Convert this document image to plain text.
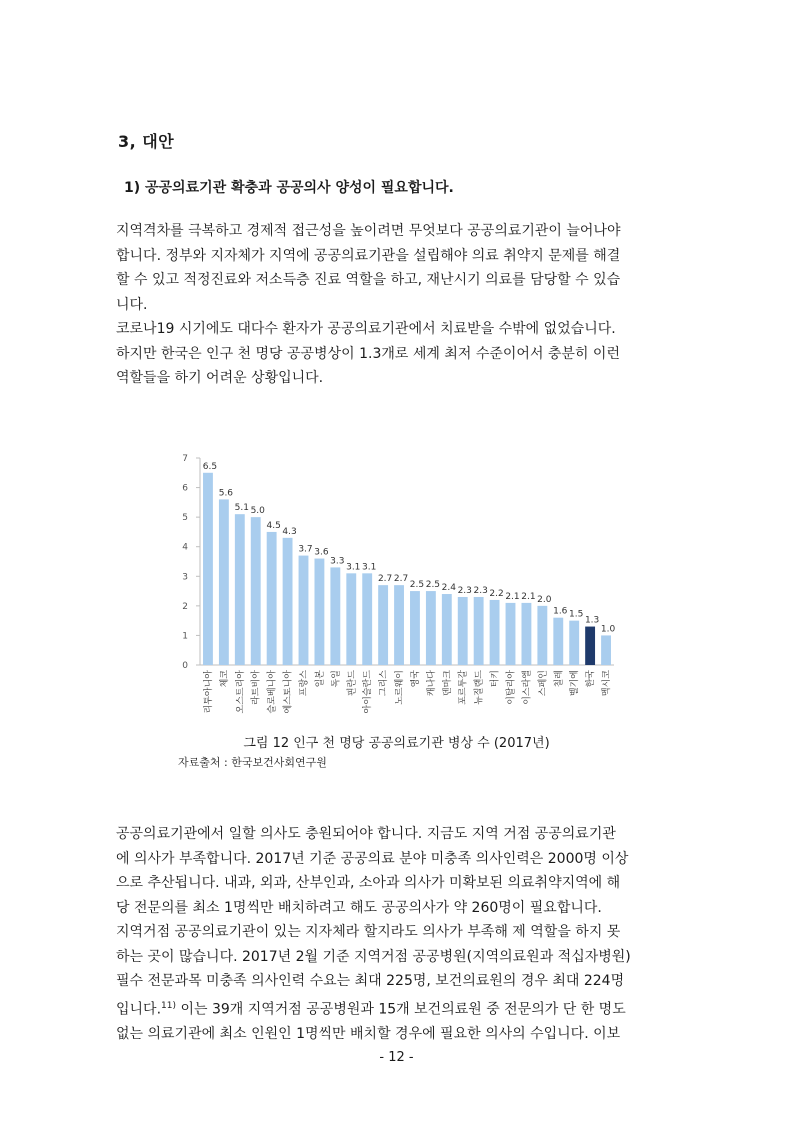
3, 대안
1) 공공의료기관 확충과 공공의사 양성이 필요합니다.

지역격차를 극복하고 경제적 접근성을 높이려면 무엇보다 공공의료기관이 늘어나야
합니다. 정부와 지자체가 지역에 공공의료기관을 설립해야 의료 취약지 문제를 해결
할 수 있고 적정진료와 저소득층 진료 역할을 하고, 재난시기 의료를 담당할 수 있습
니다.

코로나19 시기에도 대다수 환자가 공공의료기관에서 치료받을 수밖에 없었습니다.
하지만 한국은 인구 천 명당 공공병상이 1.3개로 세계 최저 수준이어서 충분히 이런
역할들을 하기 어려운 상황입니다.

0
1
2
3
4
5
6
7
6.5
리투아니아
5.6
체코
5.1
오스트리아
5.0
라트비아
4.5
슬로베니아
4.3
에스토니아
3.7
프랑스
3.6
일본
3.3
독일
3.1
핀란드
3.1
아이슬란드
2.7
그리스
2.7
노르웨이
2.5
영국
2.5
캐나다
2.4
덴마크
2.3
포르투갈
2.3
뉴질랜드
2.2
터키
2.1
이탈리아
2.1
이스라엘
2.0
스페인
1.6
칠레
1.5
벨기에
1.3
한국
1.0
멕시코
그림 12 인구 천 명당 공공의료기관 병상 수 (2017년)
자료출처 : 한국보건사회연구원

공공의료기관에서 일할 의사도 충원되어야 합니다. 지금도 지역 거점 공공의료기관
에 의사가 부족합니다. 2017년 기준 공공의료 분야 미충족 의사인력은 2000명 이상
으로 추산됩니다. 내과, 외과, 산부인과, 소아과 의사가 미확보된 의료취약지역에 해
당 전문의를 최소 1명씩만 배치하려고 해도 공공의사가 약 260명이 필요합니다.

지역거점 공공의료기관이 있는 지자체라 할지라도 의사가 부족해 제 역할을 하지 못
하는 곳이 많습니다. 2017년 2월 기준 지역거점 공공병원(지역의료원과 적십자병원)
필수 전문과목 미충족 의사인력 수요는 최대 225명, 보건의료원의 경우 최대 224명
입니다.$^{11)}$ 이는 39개 지역거점 공공병원과 15개 보건의료원 중 전문의가 단 한 명도
없는 의료기관에 최소 인원인 1명씩만 배치할 경우에 필요한 의사의 수입니다. 이보

- 12 -
